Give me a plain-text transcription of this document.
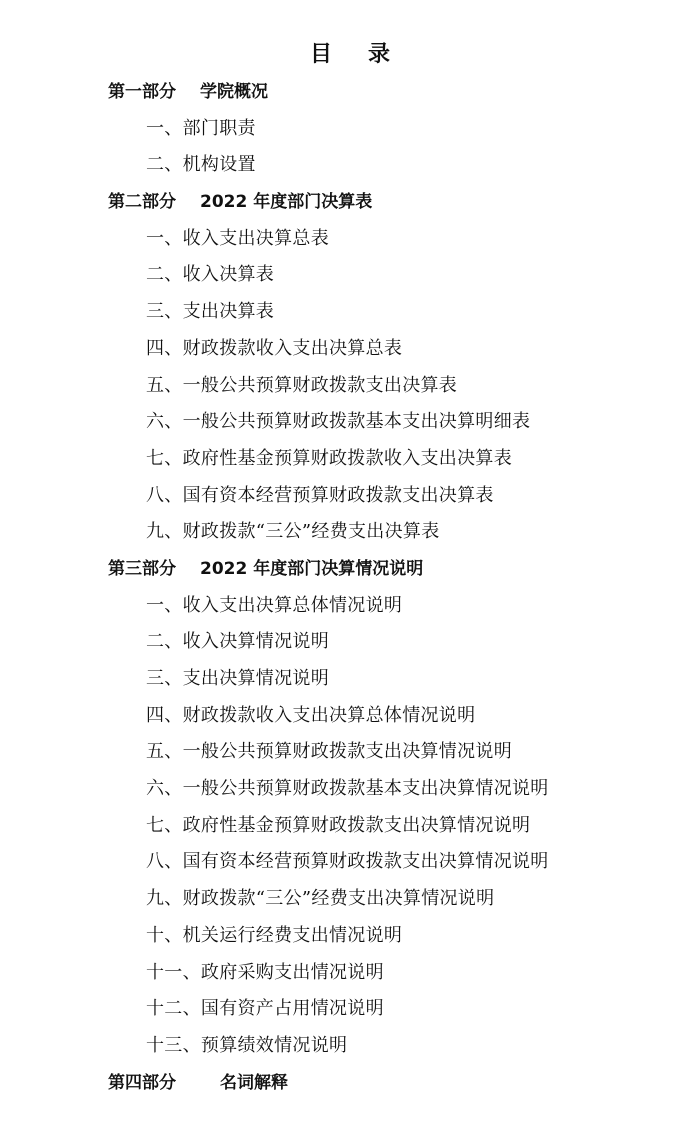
目 录
第一部分 学院概况
一、部门职责
二、机构设置
第二部分 2022 年度部门决算表
一、收入支出决算总表
二、收入决算表
三、支出决算表
四、财政拨款收入支出决算总表
五、一般公共预算财政拨款支出决算表
六、一般公共预算财政拨款基本支出决算明细表
七、政府性基金预算财政拨款收入支出决算表
八、国有资本经营预算财政拨款支出决算表
九、财政拨款“三公”经费支出决算表
第三部分 2022 年度部门决算情况说明
一、收入支出决算总体情况说明
二、收入决算情况说明
三、支出决算情况说明
四、财政拨款收入支出决算总体情况说明
五、一般公共预算财政拨款支出决算情况说明
六、一般公共预算财政拨款基本支出决算情况说明
七、政府性基金预算财政拨款支出决算情况说明
八、国有资本经营预算财政拨款支出决算情况说明
九、财政拨款“三公”经费支出决算情况说明
十、机关运行经费支出情况说明
十一、政府采购支出情况说明
十二、国有资产占用情况说明
十三、预算绩效情况说明
第四部分	名词解释
